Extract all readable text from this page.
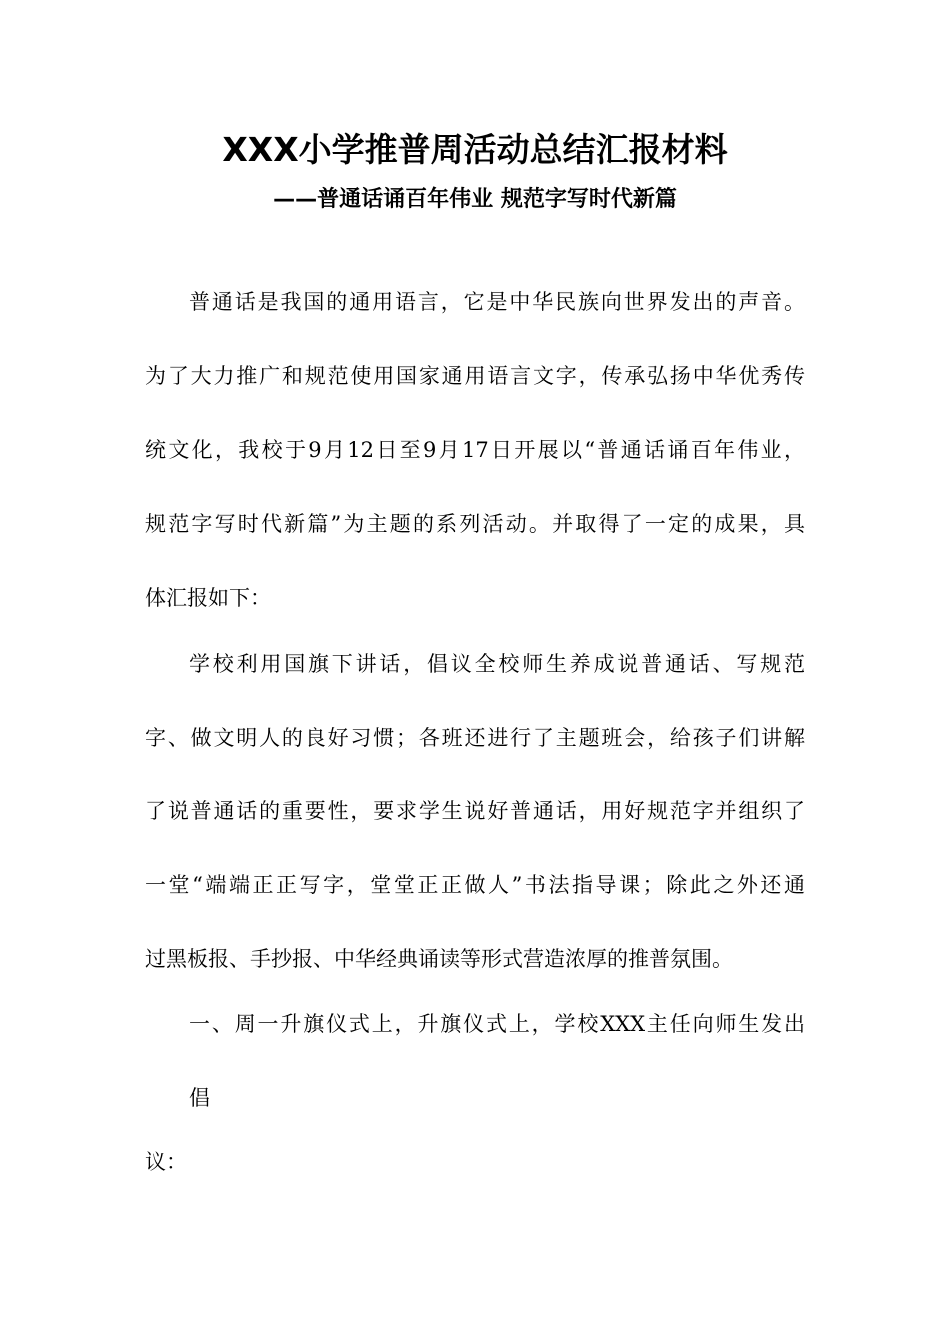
XXX小学推普周活动总结汇报材料
——普通话诵百年伟业 规范字写时代新篇
普通话是我国的通用语言，它是中华民族向世界发出的声音。
为了大力推广和规范使用国家通用语言文字，传承弘扬中华优秀传
统文化，我校于9月12日至9月17日开展以“普通话诵百年伟业，
规范字写时代新篇”为主题的系列活动。并取得了一定的成果，具
体汇报如下：
学校利用国旗下讲话，倡议全校师生养成说普通话、写规范
字、做文明人的良好习惯；各班还进行了主题班会，给孩子们讲解
了说普通话的重要性，要求学生说好普通话，用好规范字并组织了
一堂“端端正正写字，堂堂正正做人”书法指导课；除此之外还通
过黑板报、手抄报、中华经典诵读等形式营造浓厚的推普氛围。
一、周一升旗仪式上，升旗仪式上，学校XXX主任向师生发出
倡
议：
